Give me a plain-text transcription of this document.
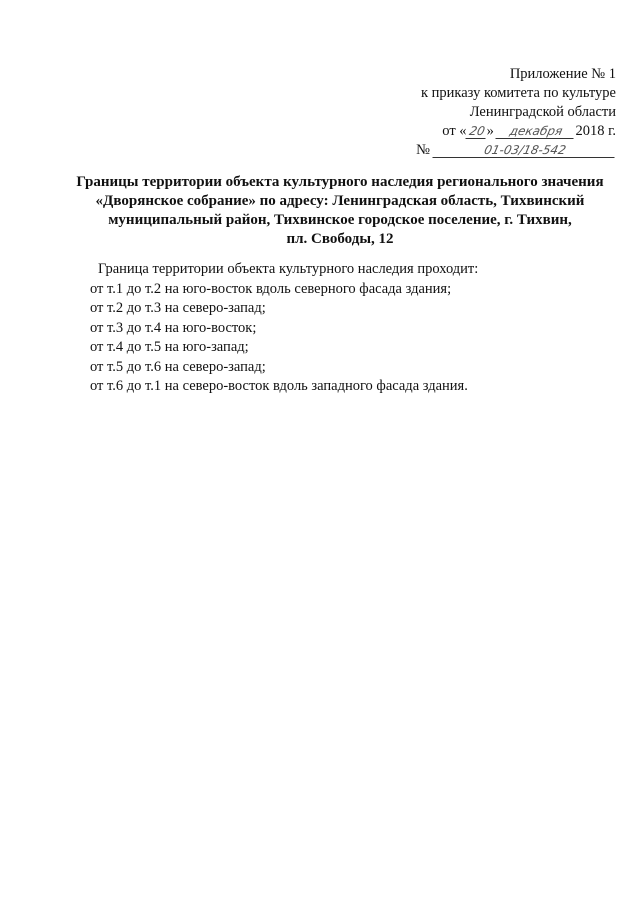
Приложение № 1
к приказу комитета по культуре
Ленинградской области
от «20» декабря 2018 г.
№	01-03/18-542
Границы территории объекта культурного наследия регионального значения
«Дворянское собрание» по адресу: Ленинградская область, Тихвинский
муниципальный район, Тихвинское городское поселение, г. Тихвин,
пл. Свободы, 12
Граница территории объекта культурного наследия проходит:
от т.1 до т.2 на юго-восток вдоль северного фасада здания;
от т.2 до т.3 на северо-запад;
от т.3 до т.4 на юго-восток;
от т.4 до т.5 на юго-запад;
от т.5 до т.6 на северо-запад;
от т.6 до т.1 на северо-восток вдоль западного фасада здания.
